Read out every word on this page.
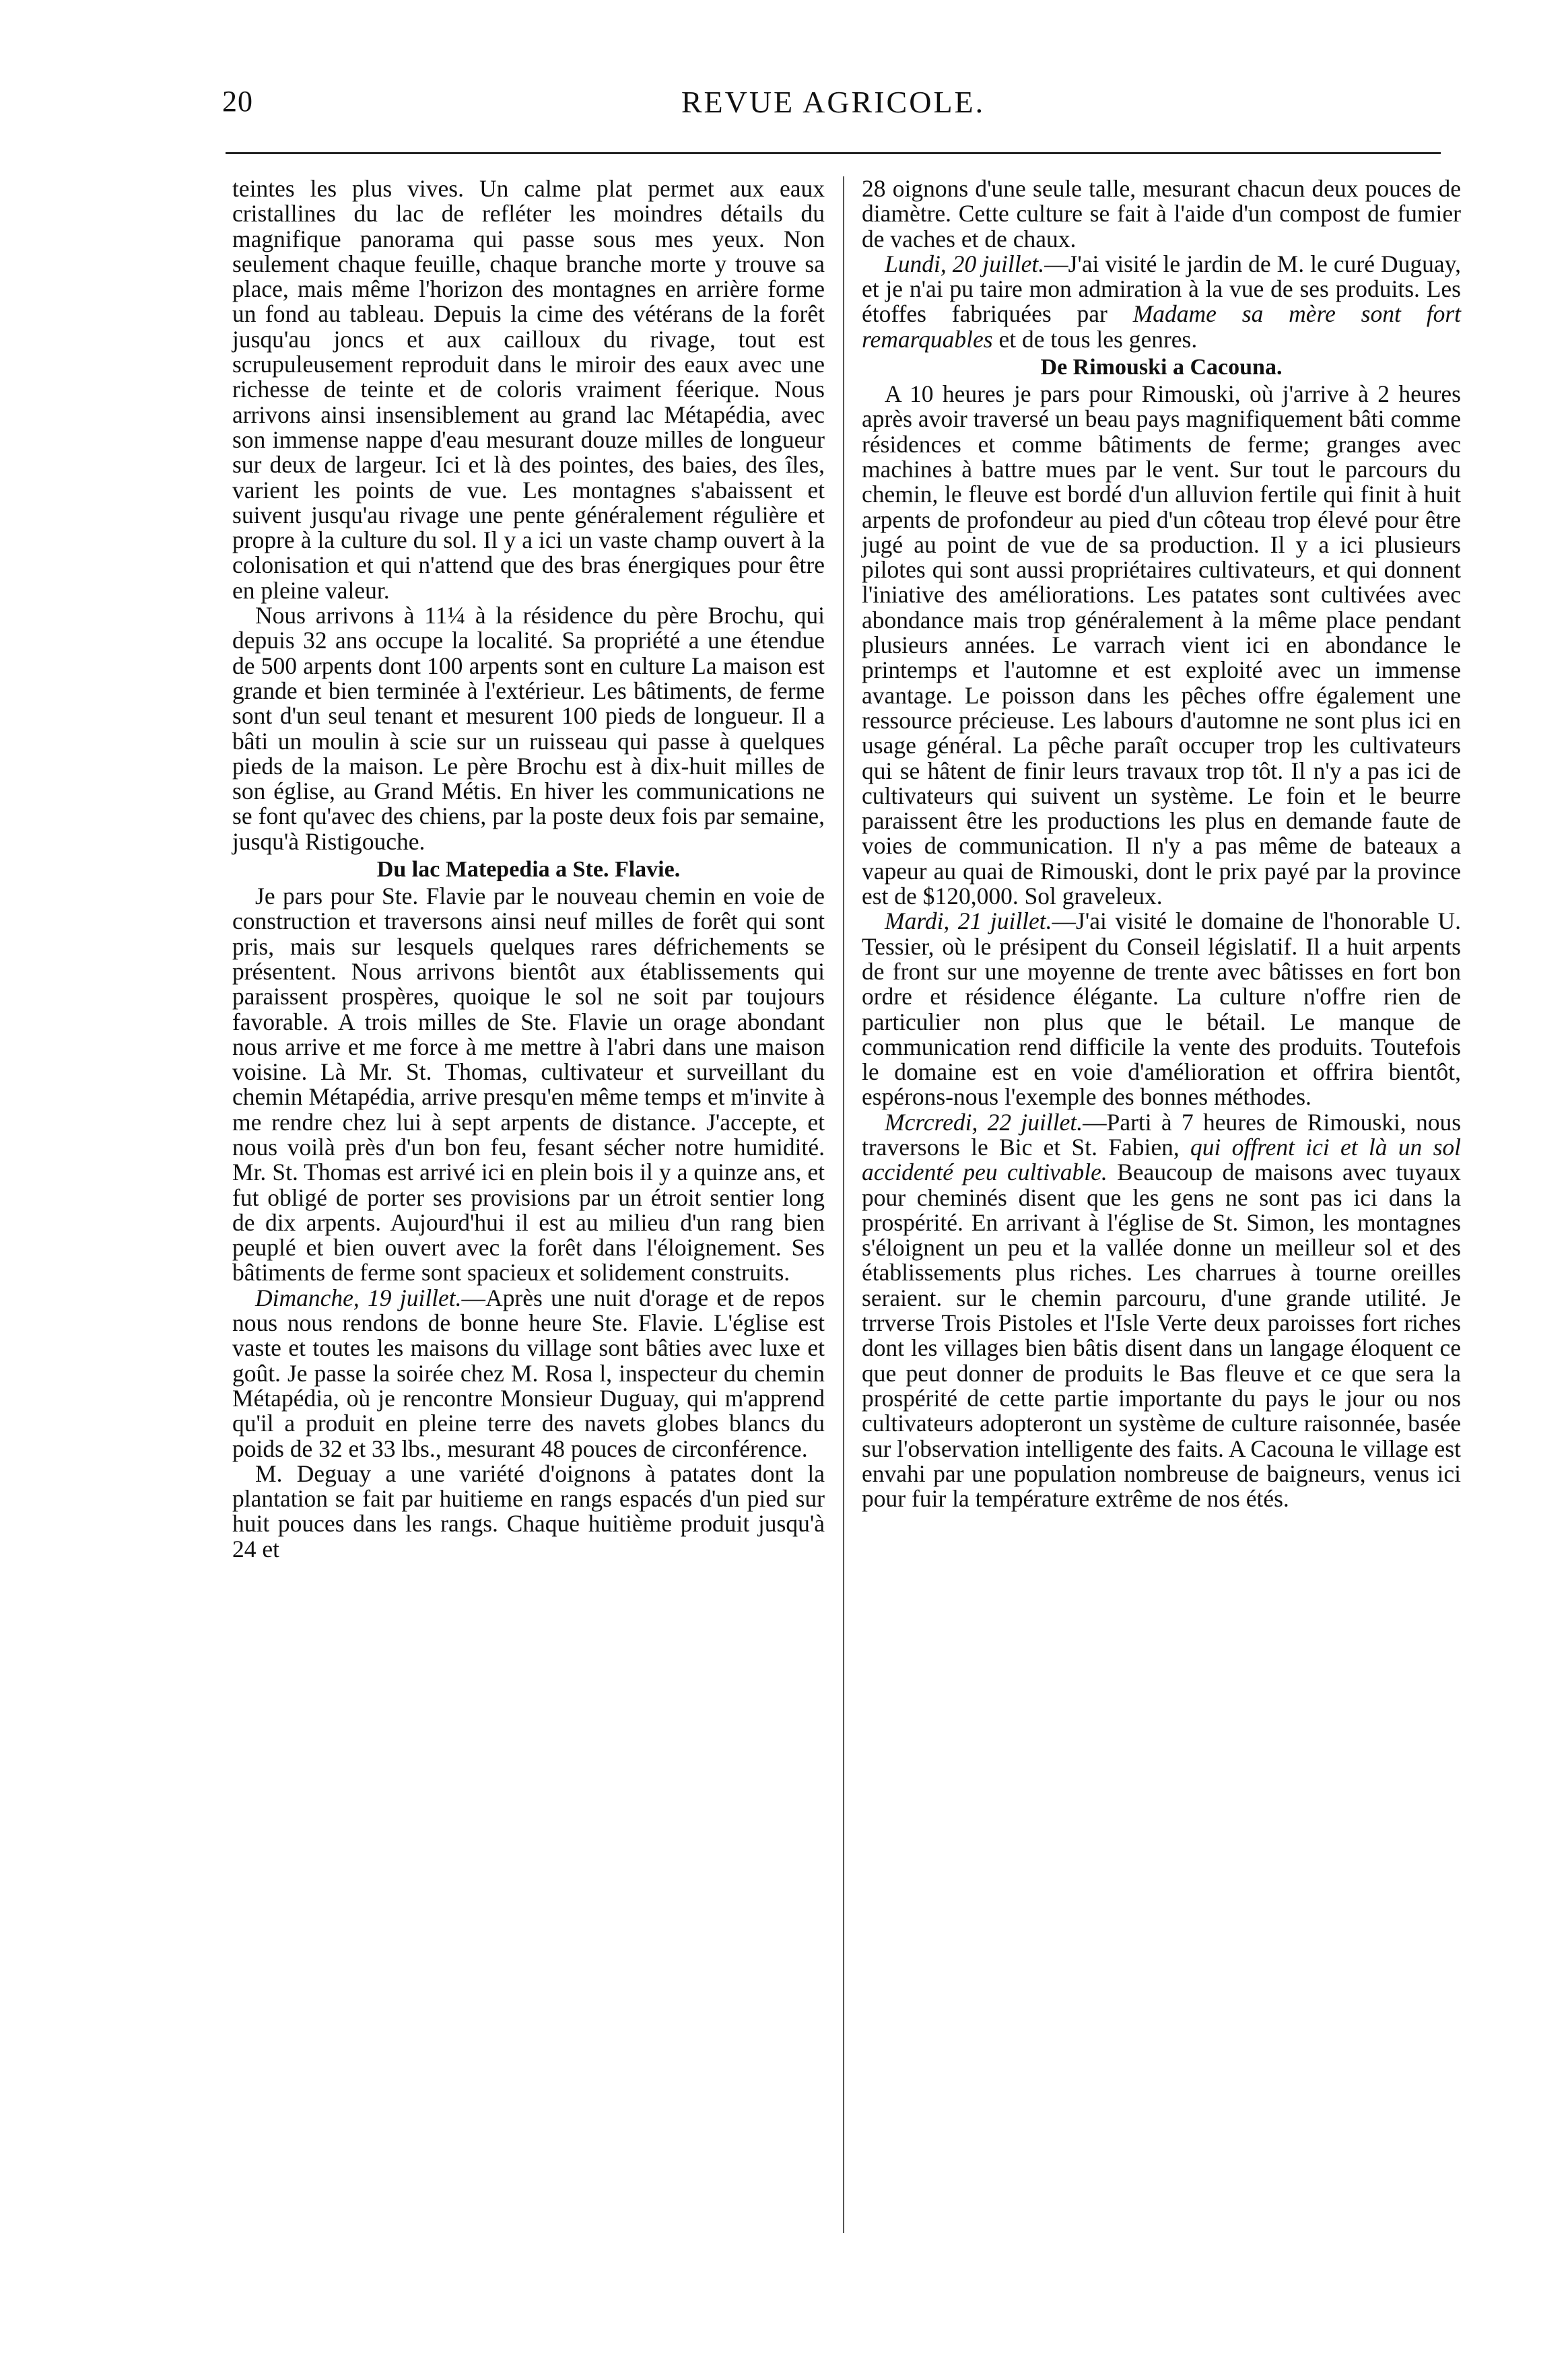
20	REVUE AGRICOLE.

teintes les plus vives. Un calme plat permet aux eaux cristallines du lac de refléter les moindres détails du magnifique panorama qui passe sous mes yeux. Non seulement chaque feuille, chaque branche morte y trouve sa place, mais même l'horizon des montagnes en arrière forme un fond au tableau. Depuis la cime des vétérans de la forêt jusqu'au joncs et aux cailloux du rivage, tout est scrupuleusement reproduit dans le miroir des eaux avec une richesse de teinte et de coloris vraiment féerique. Nous arrivons ainsi insensiblement au grand lac Métapédia, avec son immense nappe d'eau mesurant douze milles de longueur sur deux de largeur. Ici et là des pointes, des baies, des îles, varient les points de vue. Les montagnes s'abaissent et suivent jusqu'au rivage une pente généralement régulière et propre à la culture du sol. Il y a ici un vaste champ ouvert à la colonisation et qui n'attend que des bras énergiques pour être en pleine valeur.

Nous arrivons à 11¼ à la résidence du père Brochu, qui depuis 32 ans occupe la localité. Sa propriété a une étendue de 500 arpents dont 100 arpents sont en culture La maison est grande et bien terminée à l'extérieur. Les bâtiments, de ferme sont d'un seul tenant et mesurent 100 pieds de longueur. Il a bâti un moulin à scie sur un ruisseau qui passe à quelques pieds de la maison. Le père Brochu est à dix-huit milles de son église, au Grand Métis. En hiver les communications ne se font qu'avec des chiens, par la poste deux fois par semaine, jusqu'à Ristigouche.

Du lac Matepedia a Ste. Flavie.

Je pars pour Ste. Flavie par le nouveau chemin en voie de construction et traversons ainsi neuf milles de forêt qui sont pris, mais sur lesquels quelques rares défrichements se présentent. Nous arrivons bientôt aux établissements qui paraissent prospères, quoique le sol ne soit par toujours favorable. A trois milles de Ste. Flavie un orage abondant nous arrive et me force à me mettre à l'abri dans une maison voisine. Là Mr. St. Thomas, cultivateur et surveillant du chemin Métapédia, arrive presqu'en même temps et m'invite à me rendre chez lui à sept arpents de distance. J'accepte, et nous voilà près d'un bon feu, fesant sécher notre humidité. Mr. St. Thomas est arrivé ici en plein bois il y a quinze ans, et fut obligé de porter ses provisions par un étroit sentier long de dix arpents. Aujourd'hui il est au milieu d'un rang bien peuplé et bien ouvert avec la forêt dans l'éloignement. Ses bâtiments de ferme sont spacieux et solidement construits.

Dimanche, 19 juillet.—Après une nuit d'orage et de repos nous nous rendons de bonne heure Ste. Flavie. L'église est vaste et toutes les maisons du village sont bâties avec luxe et goût. Je passe la soirée chez M. Rosa l, inspecteur du chemin Métapédia, où je rencontre Monsieur Duguay, qui m'apprend qu'il a produit en pleine terre des navets globes blancs du poids de 32 et 33 lbs., mesurant 48 pouces de circonférence.

M. Deguay a une variété d'oignons à patates dont la plantation se fait par huitieme en rangs espacés d'un pied sur huit pouces dans les rangs. Chaque huitième produit jusqu'à 24 et

28 oignons d'une seule talle, mesurant chacun deux pouces de diamètre. Cette culture se fait à l'aide d'un compost de fumier de vaches et de chaux.

Lundi, 20 juillet.—J'ai visité le jardin de M. le curé Duguay, et je n'ai pu taire mon admiration à la vue de ses produits. Les étoffes fabriquées par Madame sa mère sont fort remarquables et de tous les genres.

De Rimouski a Cacouna.

A 10 heures je pars pour Rimouski, où j'arrive à 2 heures après avoir traversé un beau pays magnifiquement bâti comme résidences et comme bâtiments de ferme; granges avec machines à battre mues par le vent. Sur tout le parcours du chemin, le fleuve est bordé d'un alluvion fertile qui finit à huit arpents de profondeur au pied d'un côteau trop élevé pour être jugé au point de vue de sa production. Il y a ici plusieurs pilotes qui sont aussi propriétaires cultivateurs, et qui donnent l'iniative des améliorations. Les patates sont cultivées avec abondance mais trop généralement à la même place pendant plusieurs années. Le varrach vient ici en abondance le printemps et l'automne et est exploité avec un immense avantage. Le poisson dans les pêches offre également une ressource précieuse. Les labours d'automne ne sont plus ici en usage général. La pêche paraît occuper trop les cultivateurs qui se hâtent de finir leurs travaux trop tôt. Il n'y a pas ici de cultivateurs qui suivent un système. Le foin et le beurre paraissent être les productions les plus en demande faute de voies de communication. Il n'y a pas même de bateaux a vapeur au quai de Rimouski, dont le prix payé par la province est de $120,000. Sol graveleux.

Mardi, 21 juillet.—J'ai visité le domaine de l'honorable U. Tessier, où le présipent du Conseil législatif. Il a huit arpents de front sur une moyenne de trente avec bâtisses en fort bon ordre et résidence élégante. La culture n'offre rien de particulier non plus que le bétail. Le manque de communication rend difficile la vente des produits. Toutefois le domaine est en voie d'amélioration et offrira bientôt, espérons-nous l'exemple des bonnes méthodes.

Mcrcredi, 22 juillet.—Parti à 7 heures de Rimouski, nous traversons le Bic et St. Fabien, qui offrent ici et là un sol accidenté peu cultivable. Beaucoup de maisons avec tuyaux pour cheminés disent que les gens ne sont pas ici dans la prospérité. En arrivant à l'église de St. Simon, les montagnes s'éloignent un peu et la vallée donne un meilleur sol et des établissements plus riches. Les charrues à tourne oreilles seraient. sur le chemin parcouru, d'une grande utilité. Je trrverse Trois Pistoles et l'Isle Verte deux paroisses fort riches dont les villages bien bâtis disent dans un langage éloquent ce que peut donner de produits le Bas fleuve et ce que sera la prospérité de cette partie importante du pays le jour ou nos cultivateurs adopteront un système de culture raisonnée, basée sur l'observation intelligente des faits. A Cacouna le village est envahi par une population nombreuse de baigneurs, venus ici pour fuir la température extrême de nos étés.
